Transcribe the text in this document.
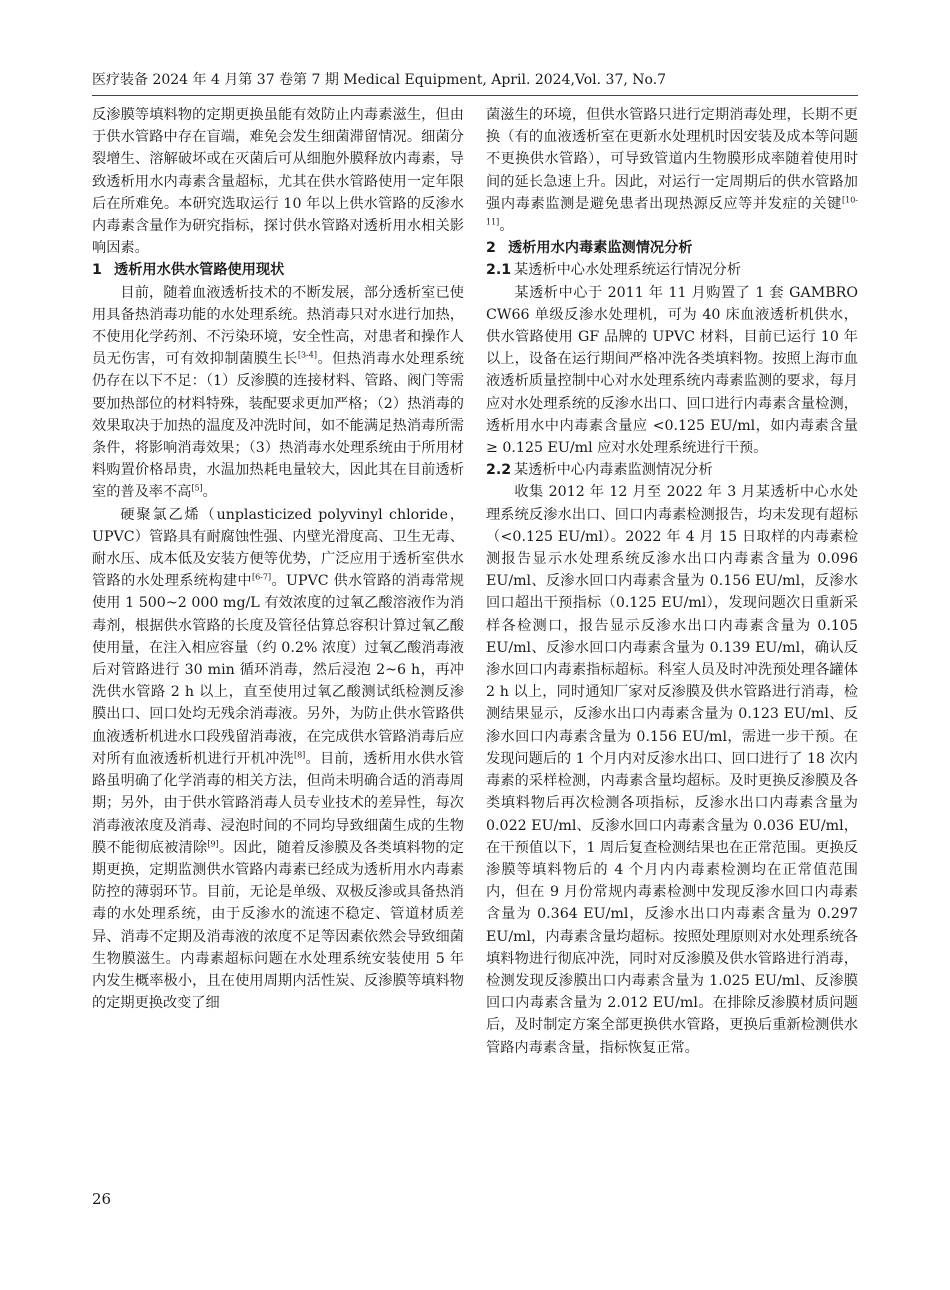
医疗装备 2024 年 4 月第 37 卷第 7 期 Medical Equipment, April. 2024,Vol. 37, No.7

反渗膜等填料物的定期更换虽能有效防止内毒素滋生，但由于供水管路中存在盲端，难免会发生细菌滞留情况。细菌分裂增生、溶解破坏或在灭菌后可从细胞外膜释放内毒素，导致透析用水内毒素含量超标，尤其在供水管路使用一定年限后在所难免。本研究选取运行 10 年以上供水管路的反渗水内毒素含量作为研究指标，探讨供水管路对透析用水相关影响因素。

1 透析用水供水管路使用现状

目前，随着血液透析技术的不断发展，部分透析室已使用具备热消毒功能的水处理系统。热消毒只对水进行加热，不使用化学药剂、不污染环境，安全性高，对患者和操作人员无伤害，可有效抑制菌膜生长[3-4]。但热消毒水处理系统仍存在以下不足：（1）反渗膜的连接材料、管路、阀门等需要加热部位的材料特殊，装配要求更加严格；（2）热消毒的效果取决于加热的温度及冲洗时间，如不能满足热消毒所需条件，将影响消毒效果；（3）热消毒水处理系统由于所用材料购置价格昂贵，水温加热耗电量较大，因此其在目前透析室的普及率不高[5]。

硬聚氯乙烯（unplasticized polyvinyl chloride，UPVC）管路具有耐腐蚀性强、内壁光滑度高、卫生无毒、耐水压、成本低及安装方便等优势，广泛应用于透析室供水管路的水处理系统构建中[6-7]。UPVC 供水管路的消毒常规使用 1 500~2 000 mg/L 有效浓度的过氧乙酸溶液作为消毒剂，根据供水管路的长度及管径估算总容积计算过氧乙酸使用量，在注入相应容量（约 0.2% 浓度）过氧乙酸消毒液后对管路进行 30 min 循环消毒，然后浸泡 2~6 h，再冲洗供水管路 2 h 以上，直至使用过氧乙酸测试纸检测反渗膜出口、回口处均无残余消毒液。另外，为防止供水管路供血液透析机进水口段残留消毒液，在完成供水管路消毒后应对所有血液透析机进行开机冲洗[8]。目前，透析用水供水管路虽明确了化学消毒的相关方法，但尚未明确合适的消毒周期；另外，由于供水管路消毒人员专业技术的差异性，每次消毒液浓度及消毒、浸泡时间的不同均导致细菌生成的生物膜不能彻底被清除[9]。因此，随着反渗膜及各类填料物的定期更换，定期监测供水管路内毒素已经成为透析用水内毒素防控的薄弱环节。目前，无论是单级、双极反渗或具备热消毒的水处理系统，由于反渗水的流速不稳定、管道材质差异、消毒不定期及消毒液的浓度不足等因素依然会导致细菌生物膜滋生。内毒素超标问题在水处理系统安装使用 5 年内发生概率极小，且在使用周期内活性炭、反渗膜等填料物的定期更换改变了细

菌滋生的环境，但供水管路只进行定期消毒处理，长期不更换（有的血液透析室在更新水处理机时因安装及成本等问题不更换供水管路），可导致管道内生物膜形成率随着使用时间的延长急速上升。因此，对运行一定周期后的供水管路加强内毒素监测是避免患者出现热源反应等并发症的关键[10-11]。

2 透析用水内毒素监测情况分析
2.1 某透析中心水处理系统运行情况分析

某透析中心于 2011 年 11 月购置了 1 套 GAMBRO CW66 单级反渗水处理机，可为 40 床血液透析机供水，供水管路使用 GF 品牌的 UPVC 材料，目前已运行 10 年以上，设备在运行期间严格冲洗各类填料物。按照上海市血液透析质量控制中心对水处理系统内毒素监测的要求，每月应对水处理系统的反渗水出口、回口进行内毒素含量检测，透析用水中内毒素含量应 <0.125 EU/ml，如内毒素含量≥ 0.125 EU/ml 应对水处理系统进行干预。

2.2 某透析中心内毒素监测情况分析

收集 2012 年 12 月至 2022 年 3 月某透析中心水处理系统反渗水出口、回口内毒素检测报告，均未发现有超标（<0.125 EU/ml）。2022 年 4 月 15 日取样的内毒素检测报告显示水处理系统反渗水出口内毒素含量为 0.096 EU/ml、反渗水回口内毒素含量为 0.156 EU/ml，反渗水回口超出干预指标（0.125 EU/ml），发现问题次日重新采样各检测口，报告显示反渗水出口内毒素含量为 0.105 EU/ml、反渗水回口内毒素含量为 0.139 EU/ml，确认反渗水回口内毒素指标超标。科室人员及时冲洗预处理各罐体 2 h 以上，同时通知厂家对反渗膜及供水管路进行消毒，检测结果显示，反渗水出口内毒素含量为 0.123 EU/ml、反渗水回口内毒素含量为 0.156 EU/ml，需进一步干预。在发现问题后的 1 个月内对反渗水出口、回口进行了 18 次内毒素的采样检测，内毒素含量均超标。及时更换反渗膜及各类填料物后再次检测各项指标，反渗水出口内毒素含量为 0.022 EU/ml、反渗水回口内毒素含量为 0.036 EU/ml，在干预值以下，1 周后复查检测结果也在正常范围。更换反渗膜等填料物后的 4 个月内内毒素检测均在正常值范围内，但在 9 月份常规内毒素检测中发现反渗水回口内毒素含量为 0.364 EU/ml，反渗水出口内毒素含量为 0.297 EU/ml，内毒素含量均超标。按照处理原则对水处理系统各填料物进行彻底冲洗，同时对反渗膜及供水管路进行消毒，检测发现反渗膜出口内毒素含量为 1.025 EU/ml、反渗膜回口内毒素含量为 2.012 EU/ml。在排除反渗膜材质问题后，及时制定方案全部更换供水管路，更换后重新检测供水管路内毒素含量，指标恢复正常。

26
